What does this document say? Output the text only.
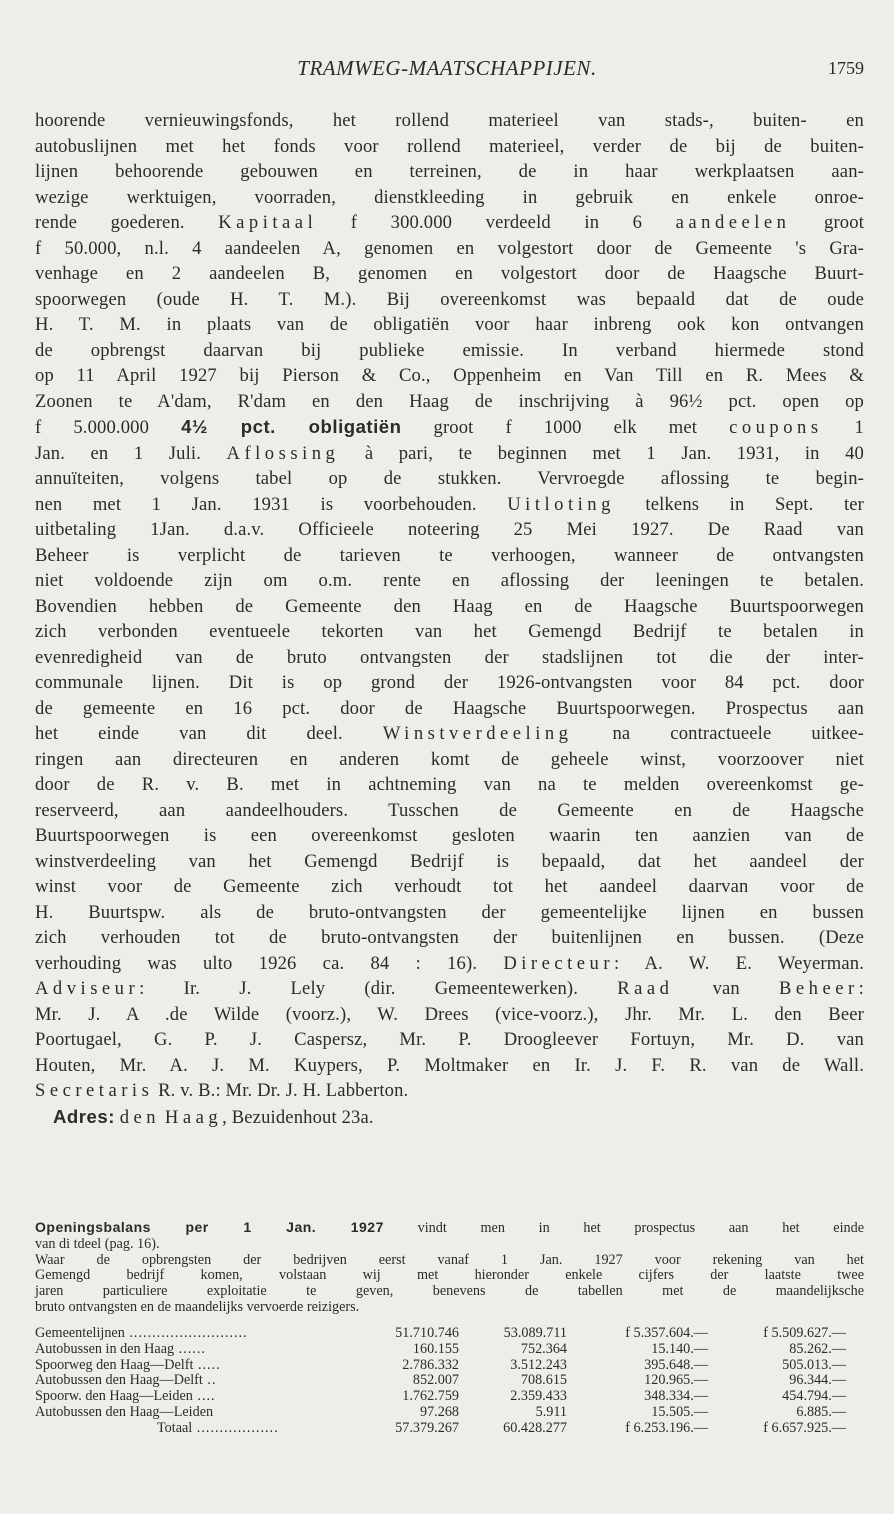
TRAMWEG-MAATSCHAPPIJEN.	1759
hoorende vernieuwingsfonds, het rollend materieel van stads-, buiten- en
autobuslijnen met het fonds voor rollend materieel, verder de bij de buiten-
lijnen behoorende gebouwen en terreinen, de in haar werkplaatsen aan-
wezige werktuigen, voorraden, dienstkleeding in gebruik en enkele onroe-
rende goederen. Kapitaal f 300.000 verdeeld in 6 aandeelen groot
f 50.000, n.l. 4 aandeelen A, genomen en volgestort door de Gemeente 's Gra-
venhage en 2 aandeelen B, genomen en volgestort door de Haagsche Buurt-
spoorwegen (oude H. T. M.). Bij overeenkomst was bepaald dat de oude
H. T. M. in plaats van de obligatiën voor haar inbreng ook kon ontvangen
de opbrengst daarvan bij publieke emissie. In verband hiermede stond
op 11 April 1927 bij Pierson & Co., Oppenheim en Van Till en R. Mees &
Zoonen te A'dam, R'dam en den Haag de inschrijving à 96½ pct. open op
f 5.000.000 4½ pct. obligatiën groot f 1000 elk met coupons 1
Jan. en 1 Juli. Aflossing à pari, te beginnen met 1 Jan. 1931, in 40
annuïteiten, volgens tabel op de stukken. Vervroegde aflossing te begin-
nen met 1 Jan. 1931 is voorbehouden. Uitloting telkens in Sept. ter
uitbetaling 1Jan. d.a.v. Officieele noteering 25 Mei 1927. De Raad van
Beheer is verplicht de tarieven te verhoogen, wanneer de ontvangsten
niet voldoende zijn om o.m. rente en aflossing der leeningen te betalen.
Bovendien hebben de Gemeente den Haag en de Haagsche Buurtspoorwegen
zich verbonden eventueele tekorten van het Gemengd Bedrijf te betalen in
evenredigheid van de bruto ontvangsten der stadslijnen tot die der inter-
communale lijnen. Dit is op grond der 1926-ontvangsten voor 84 pct. door
de gemeente en 16 pct. door de Haagsche Buurtspoorwegen. Prospectus aan
het einde van dit deel. Winstverdeeling na contractueele uitkee-
ringen aan directeuren en anderen komt de geheele winst, voorzoover niet
door de R. v. B. met in achtneming van na te melden overeenkomst ge-
reserveerd, aan aandeelhouders. Tusschen de Gemeente en de Haagsche
Buurtspoorwegen is een overeenkomst gesloten waarin ten aanzien van de
winstverdeeling van het Gemengd Bedrijf is bepaald, dat het aandeel der
winst voor de Gemeente zich verhoudt tot het aandeel daarvan voor de
H. Buurtspw. als de bruto-ontvangsten der gemeentelijke lijnen en bussen
zich verhouden tot de bruto-ontvangsten der buitenlijnen en bussen. (Deze
verhouding was ulto 1926 ca. 84 : 16). Directeur: A. W. E. Weyerman.
Adviseur: Ir. J. Lely (dir. Gemeentewerken). Raad van Beheer:
Mr. J. A .de Wilde (voorz.), W. Drees (vice-voorz.), Jhr. Mr. L. den Beer
Poortugael, G. P. J. Caspersz, Mr. P. Droogleever Fortuyn, Mr. D. van
Houten, Mr. A. J. M. Kuypers, P. Moltmaker en Ir. J. F. R. van de Wall.
Secretaris R. v. B.: Mr. Dr. J. H. Labberton.
Adres: den Haag, Bezuidenhout 23a.
Openingsbalans per 1 Jan. 1927 vindt men in het prospectus aan het einde
van di tdeel (pag. 16).
Waar de opbrengsten der bedrijven eerst vanaf 1 Jan. 1927 voor rekening van het
Gemengd bedrijf komen, volstaan wij met hieronder enkele cijfers der laatste twee
jaren particuliere exploitatie te geven, benevens de tabellen met de maandelijksche
bruto ontvangsten en de maandelijks vervoerde reizigers.
Gemeentelijnen ..........................	51.710.746	53.089.711	f 5.357.604.—	f 5.509.627.—
Autobussen in den Haag ......	160.155	752.364	15.140.—	85.262.—
Spoorweg den Haag—Delft .....	2.786.332	3.512.243	395.648.—	505.013.—
Autobussen den Haag—Delft ..	852.007	708.615	120.965.—	96.344.—
Spoorw. den Haag—Leiden ....	1.762.759	2.359.433	348.334.—	454.794.—
Autobussen den Haag—Leiden	97.268	5.911	15.505.—	6.885.—
Totaal ..................	57.379.267	60.428.277	f 6.253.196.—	f 6.657.925.—
